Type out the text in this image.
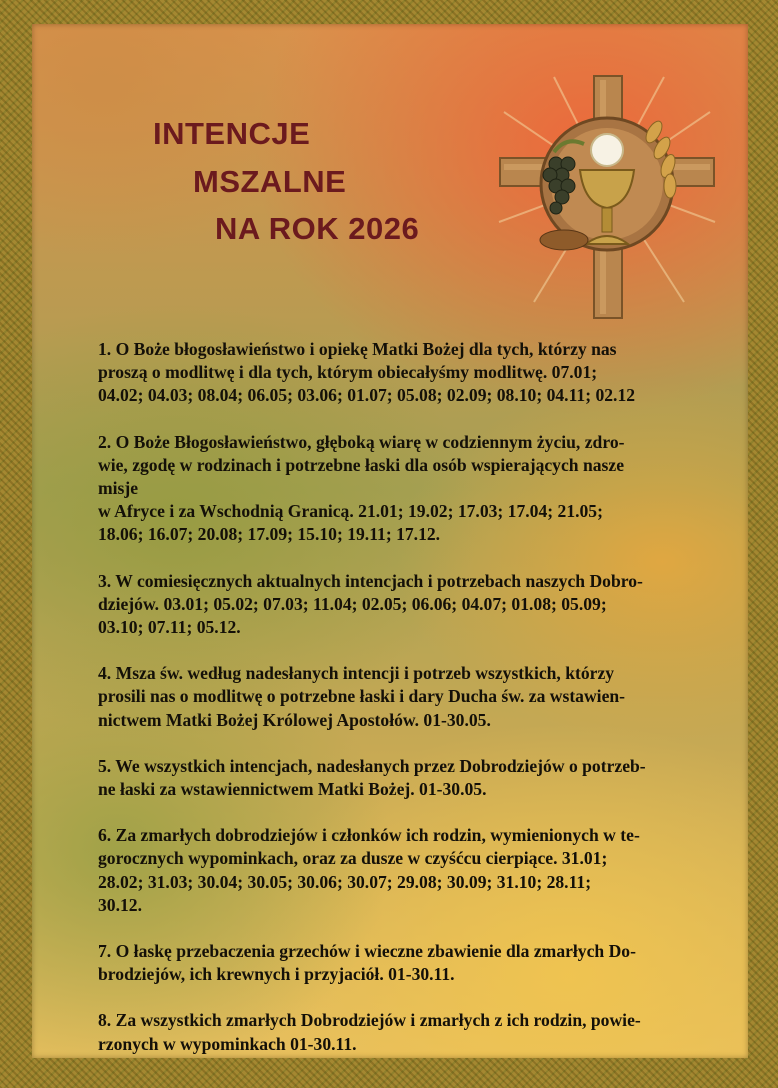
INTENCJE
MSZALNE
NA ROK 2026
1. O Boże błogosławieństwo i opiekę Matki Bożej dla tych, którzy nas
proszą o modlitwę i dla tych, którym obiecałyśmy modlitwę. 07.01;
04.02; 04.03; 08.04; 06.05; 03.06; 01.07; 05.08; 02.09; 08.10; 04.11; 02.12
2. O Boże Błogosławieństwo, głęboką wiarę w codziennym życiu, zdro-
wie, zgodę w rodzinach i potrzebne łaski dla osób wspierających nasze
misje
w Afryce i za Wschodnią Granicą. 21.01; 19.02; 17.03; 17.04; 21.05;
18.06; 16.07; 20.08; 17.09; 15.10; 19.11; 17.12.
3. W comiesięcznych aktualnych intencjach i potrzebach naszych Dobro-
dziejów. 03.01; 05.02; 07.03; 11.04; 02.05; 06.06; 04.07; 01.08; 05.09;
03.10; 07.11; 05.12.
4. Msza św. według nadesłanych intencji i potrzeb wszystkich, którzy
prosili nas o modlitwę o potrzebne łaski i dary Ducha św. za wstawien-
nictwem Matki Bożej Królowej Apostołów. 01-30.05.
5. We wszystkich intencjach, nadesłanych przez Dobrodziejów o potrzeb-
ne łaski za wstawiennictwem Matki Bożej. 01-30.05.
6. Za zmarłych dobrodziejów i członków ich rodzin, wymienionych w te-
gorocznych wypominkach, oraz za dusze w czyśćcu cierpiące. 31.01;
28.02; 31.03; 30.04; 30.05; 30.06; 30.07; 29.08; 30.09; 31.10; 28.11;
30.12.
7. O łaskę przebaczenia grzechów i wieczne zbawienie dla zmarłych Do-
brodziejów, ich krewnych i przyjaciół. 01-30.11.
8. Za wszystkich zmarłych Dobrodziejów i zmarłych z ich rodzin, powie-
rzonych w wypominkach 01-30.11.
